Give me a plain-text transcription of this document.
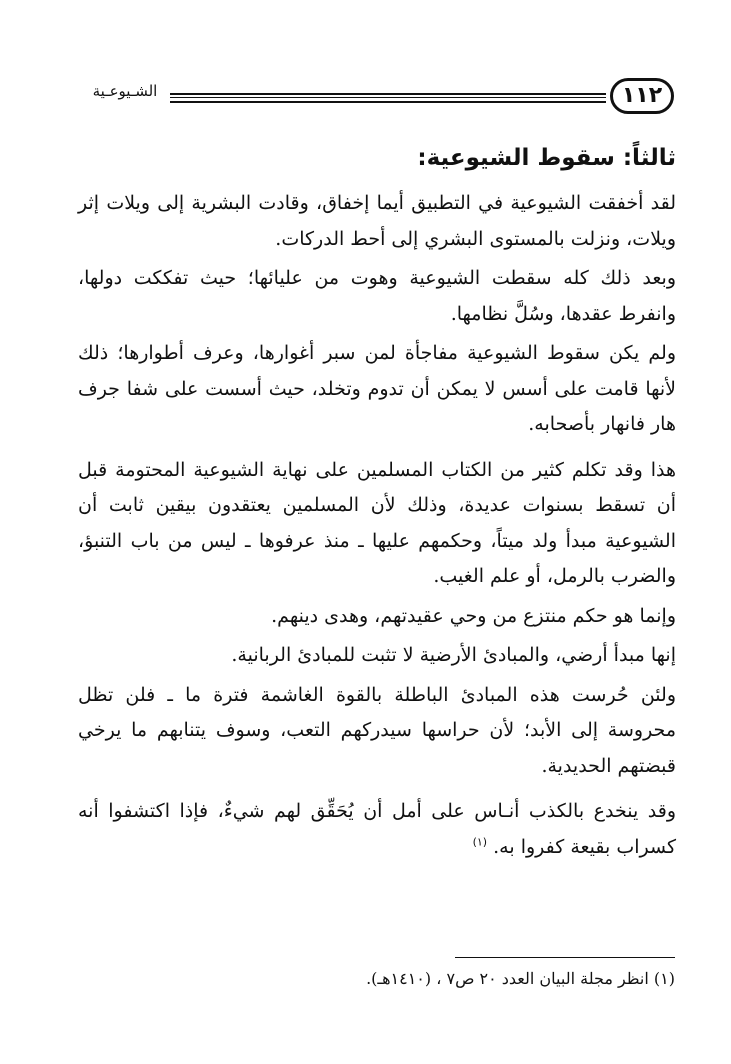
١١٢
الشـيوعـية
ثالثاً: سقوط الشيوعية:

لقد أخفقت الشيوعية في التطبيق أيما إخفاق، وقادت البشرية إلى ويلات إثر ويلات، ونزلت بالمستوى البشري إلى أحط الدركات.

وبعد ذلك كله سقطت الشيوعية وهوت من عليائها؛ حيث تفككت دولها، وانفرط عقدها، وسُلَّ نظامها.

ولم يكن سقوط الشيوعية مفاجأة لمن سبر أغوارها، وعرف أطوارها؛ ذلك لأنها قامت على أسس لا يمكن أن تدوم وتخلد، حيث أسست على شفا جرف هار فانهار بأصحابه.

هذا وقد تكلم كثير من الكتاب المسلمين على نهاية الشيوعية المحتومة قبل أن تسقط بسنوات عديدة، وذلك لأن المسلمين يعتقدون بيقين ثابت أن الشيوعية مبدأ ولد ميتاً، وحكمهم عليها ـ منذ عرفوها ـ ليس من باب التنبؤ، والضرب بالرمل، أو علم الغيب.

وإنما هو حكم منتزع من وحي عقيدتهم، وهدى دينهم.

إنها مبدأ أرضي، والمبادئ الأرضية لا تثبت للمبادئ الربانية.

ولئن حُرست هذه المبادئ الباطلة بالقوة الغاشمة فترة ما ـ فلن تظل محروسة إلى الأبد؛ لأن حراسها سيدركهم التعب، وسوف يتنابهم ما يرخي قبضتهم الحديدية.

وقد ينخدع بالكذب أنـاس على أمل أن يُحَقِّق لهم شيءٌ، فإذا اكتشفوا أنه كسراب بقيعة كفروا به. $^{(١)}$

(١) انظر مجلة البيان العدد ٢٠ ص٧ ، (١٤١٠هـ).
